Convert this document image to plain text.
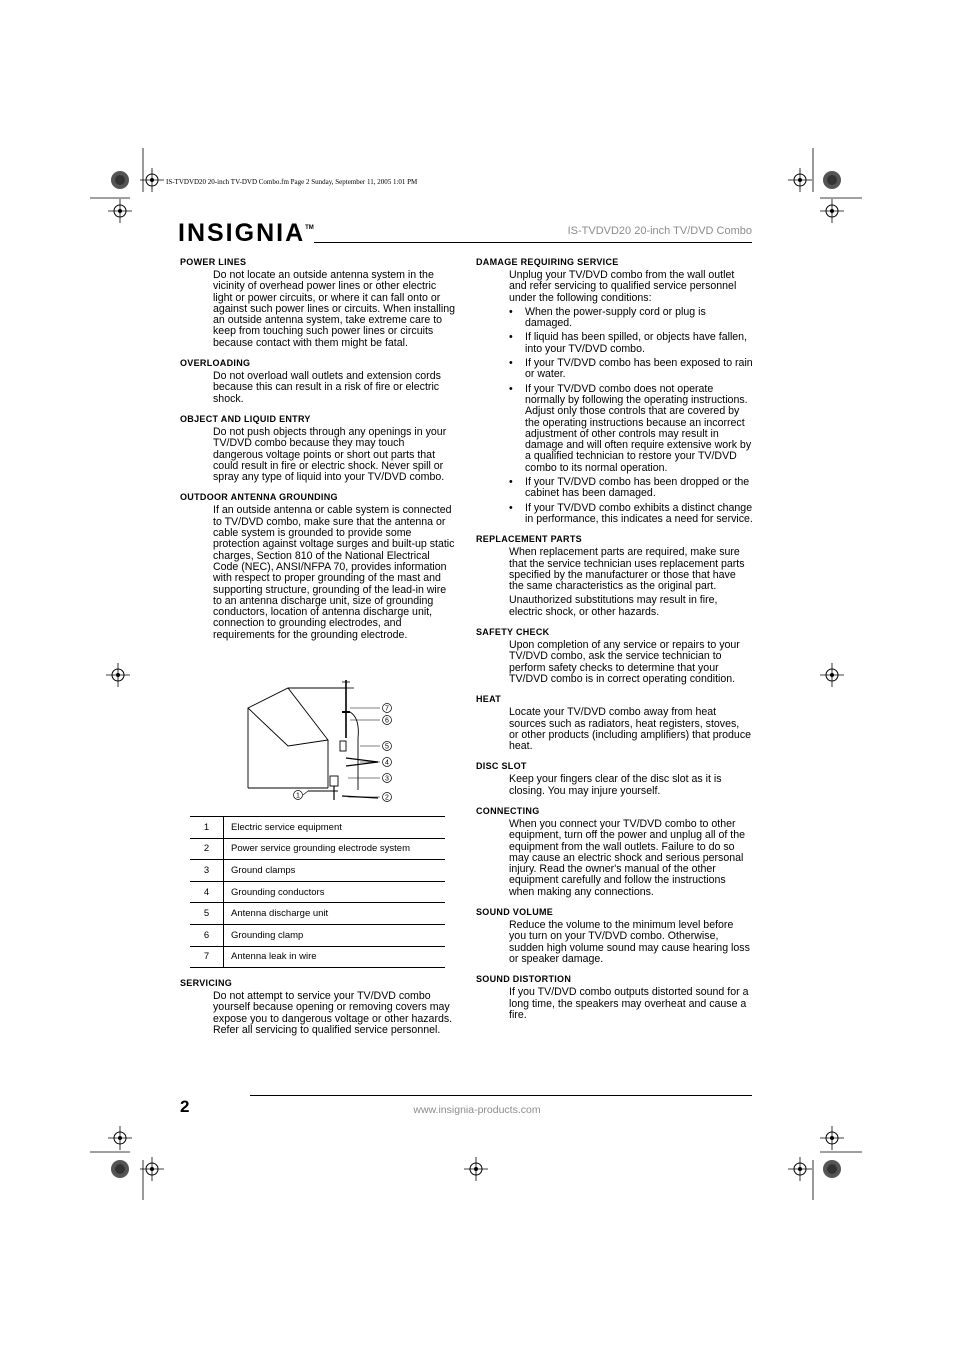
IS-TVDVD20 20-inch TV-DVD Combo.fm Page 2 Sunday, September 11, 2005 1:01 PM
INSIGNIA™	IS-TVDVD20 20-inch TV/DVD Combo
POWER LINES
Do not locate an outside antenna system in the vicinity of overhead power lines or other electric light or power circuits, or where it can fall onto or against such power lines or circuits. When installing an outside antenna system, take extreme care to keep from touching such power lines or circuits because contact with them might be fatal.
OVERLOADING
Do not overload wall outlets and extension cords because this can result in a risk of fire or electric shock.
OBJECT AND LIQUID ENTRY
Do not push objects through any openings in your TV/DVD combo because they may touch dangerous voltage points or short out parts that could result in fire or electric shock. Never spill or spray any type of liquid into your TV/DVD combo.
OUTDOOR ANTENNA GROUNDING
If an outside antenna or cable system is connected to TV/DVD combo, make sure that the antenna or cable system is grounded to provide some protection against voltage surges and built-up static charges, Section 810 of the National Electrical Code (NEC), ANSI/NFPA 70, provides information with respect to proper grounding of the mast and supporting structure, grounding of the lead-in wire to an antenna discharge unit, size of grounding conductors, location of antenna discharge unit, connection to grounding electrodes, and requirements for the grounding electrode.
7
6
5
4
3
2
1
1	Electric service equipment
2	Power service grounding electrode system
3	Ground clamps
4	Grounding conductors
5	Antenna discharge unit
6	Grounding clamp
7	Antenna leak in wire
SERVICING
Do not attempt to service your TV/DVD combo yourself because opening or removing covers may expose you to dangerous voltage or other hazards. Refer all servicing to qualified service personnel.
DAMAGE REQUIRING SERVICE
Unplug your TV/DVD combo from the wall outlet and refer servicing to qualified service personnel under the following conditions:
• When the power-supply cord or plug is damaged.
• If liquid has been spilled, or objects have fallen, into your TV/DVD combo.
• If your TV/DVD combo has been exposed to rain or water.
• If your TV/DVD combo does not operate normally by following the operating instructions. Adjust only those controls that are covered by the operating instructions because an incorrect adjustment of other controls may result in damage and will often require extensive work by a qualified technician to restore your TV/DVD combo to its normal operation.
• If your TV/DVD combo has been dropped or the cabinet has been damaged.
• If your TV/DVD combo exhibits a distinct change in performance, this indicates a need for service.
REPLACEMENT PARTS
When replacement parts are required, make sure that the service technician uses replacement parts specified by the manufacturer or those that have the same characteristics as the original part.
Unauthorized substitutions may result in fire, electric shock, or other hazards.
SAFETY CHECK
Upon completion of any service or repairs to your TV/DVD combo, ask the service technician to perform safety checks to determine that your TV/DVD combo is in correct operating condition.
HEAT
Locate your TV/DVD combo away from heat sources such as radiators, heat registers, stoves, or other products (including amplifiers) that produce heat.
DISC SLOT
Keep your fingers clear of the disc slot as it is closing. You may injure yourself.
CONNECTING
When you connect your TV/DVD combo to other equipment, turn off the power and unplug all of the equipment from the wall outlets. Failure to do so may cause an electric shock and serious personal injury. Read the owner's manual of the other equipment carefully and follow the instructions when making any connections.
SOUND VOLUME
Reduce the volume to the minimum level before you turn on your TV/DVD combo. Otherwise, sudden high volume sound may cause hearing loss or speaker damage.
SOUND DISTORTION
If you TV/DVD combo outputs distorted sound for a long time, the speakers may overheat and cause a fire.
2	www.insignia-products.com
